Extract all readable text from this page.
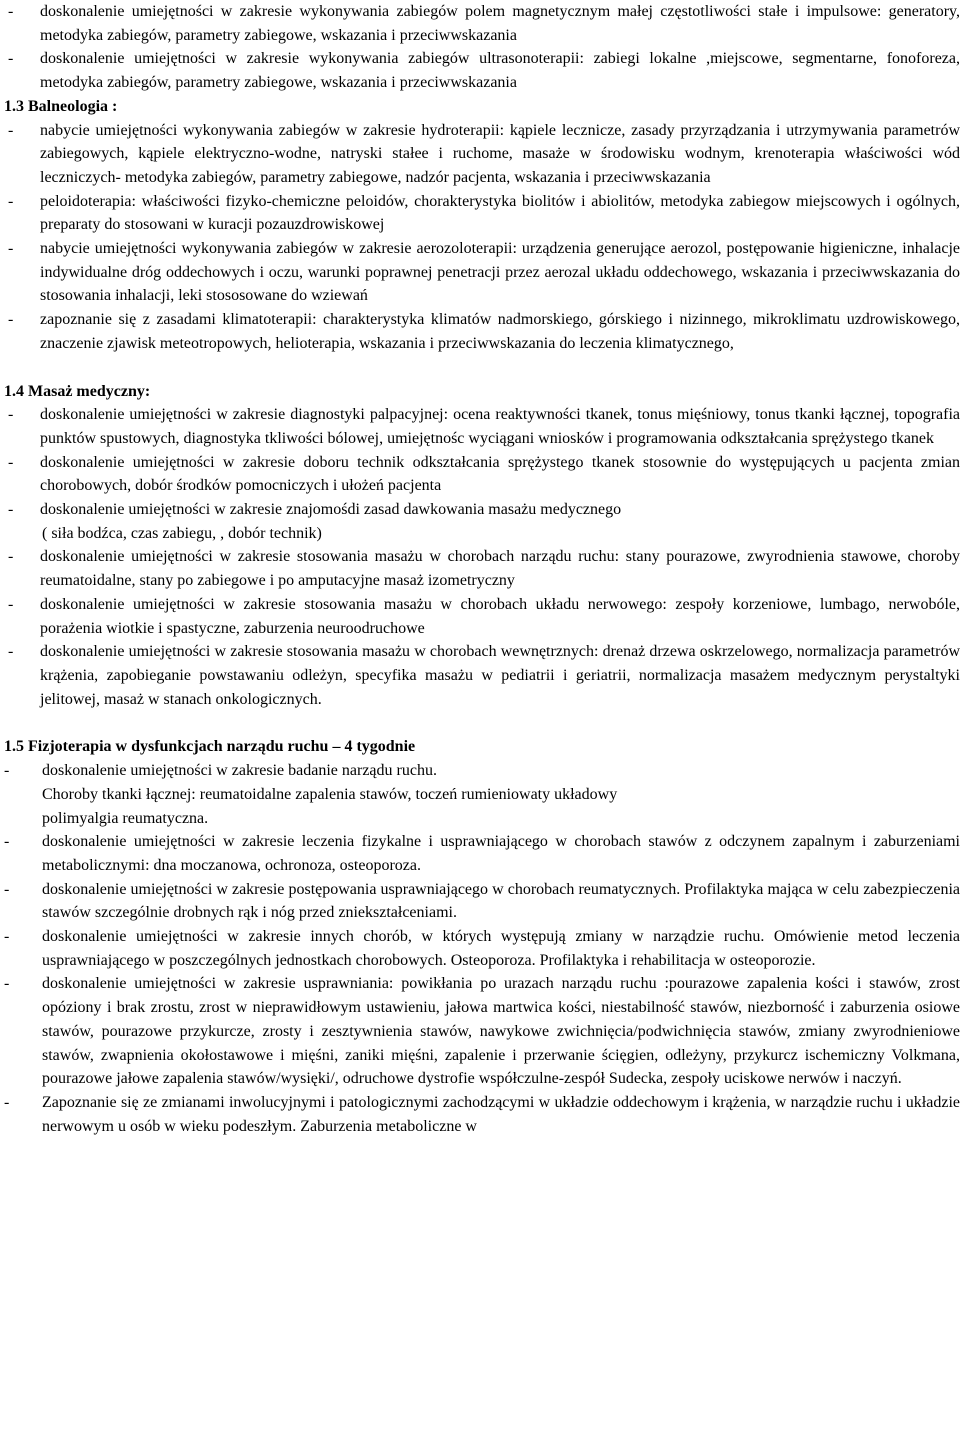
- doskonalenie umiejętności w zakresie wykonywania zabiegów polem magnetycznym małej częstotliwości stałe i impulsowe: generatory, metodyka zabiegów, parametry zabiegowe, wskazania i przeciwwskazania

- doskonalenie umiejętności w zakresie wykonywania zabiegów ultrasonoterapii: zabiegi lokalne ,miejscowe, segmentarne, fonoforeza, metodyka zabiegów, parametry zabiegowe, wskazania i przeciwwskazania

1.3 Balneologia :

- nabycie umiejętności wykonywania zabiegów w zakresie hydroterapii: kąpiele lecznicze, zasady przyrządzania i utrzymywania parametrów zabiegowych, kąpiele elektryczno-wodne, natryski stałee i ruchome, masaże w środowisku wodnym, krenoterapia właściwości wód leczniczych- metodyka zabiegów, parametry zabiegowe, nadzór pacjenta, wskazania i przeciwwskazania

- peloidoterapia: właściwości fizyko-chemiczne peloidów, chorakterystyka biolitów i abiolitów, metodyka zabiegow miejscowych i ogólnych, preparaty do stosowani w kuracji pozauzdrowiskowej

- nabycie umiejętności wykonywania zabiegów w zakresie aerozoloterapii: urządzenia generujące aerozol, postępowanie higieniczne, inhalacje indywidualne dróg oddechowych i oczu, warunki poprawnej penetracji przez aerozal układu oddechowego, wskazania i przeciwwskazania do stosowania inhalacji, leki stososowane do wziewań

- zapoznanie się z zasadami klimatoterapii: charakterystyka klimatów nadmorskiego, górskiego i nizinnego, mikroklimatu uzdrowiskowego, znaczenie zjawisk meteotropowych, helioterapia, wskazania i przeciwwskazania do leczenia klimatycznego,

1.4 Masaż medyczny:

- doskonalenie umiejętności w zakresie diagnostyki palpacyjnej: ocena reaktywności tkanek, tonus mięśniowy, tonus tkanki łącznej, topografia punktów spustowych, diagnostyka tkliwości bólowej, umiejętnośc wyciągani wniosków i programowania odkształcania sprężystego tkanek

- doskonalenie umiejętności w zakresie doboru technik odkształcania sprężystego tkanek stosownie do występujących u pacjenta zmian chorobowych, dobór środków pomocniczych i ułożeń pacjenta

- doskonalenie umiejętności w zakresie znajomośdi zasad dawkowania masażu medycznego

( siła bodźca, czas zabiegu, , dobór technik)

- doskonalenie umiejętności w zakresie stosowania masażu w chorobach narządu ruchu: stany pourazowe, zwyrodnienia stawowe, choroby reumatoidalne, stany po zabiegowe i po amputacyjne masaż izometryczny

- doskonalenie umiejętności w zakresie stosowania masażu w chorobach układu nerwowego: zespoły korzeniowe, lumbago, nerwobóle, porażenia wiotkie i spastyczne, zaburzenia neuroodruchowe

- doskonalenie umiejętności w zakresie stosowania masażu w chorobach wewnętrznych: drenaż drzewa oskrzelowego, normalizacja parametrów krążenia, zapobieganie powstawaniu odleżyn, specyfika masażu w pediatrii i geriatrii, normalizacja masażem medycznym perystaltyki jelitowej, masaż w stanach onkologicznych.

1.5 Fizjoterapia w dysfunkcjach narządu ruchu – 4 tygodnie

- doskonalenie umiejętności w zakresie badanie narządu ruchu.

Choroby tkanki łącznej: reumatoidalne zapalenia stawów, toczeń rumieniowaty układowy

polimyalgia reumatyczna.

- doskonalenie umiejętności w zakresie leczenia fizykalne i usprawniającego w chorobach stawów z odczynem zapalnym i zaburzeniami metabolicznymi: dna moczanowa, ochronoza, osteoporoza.

- doskonalenie umiejętności w zakresie postępowania usprawniającego w chorobach reumatycznych. Profilaktyka mająca w celu zabezpieczenia stawów szczególnie drobnych rąk i nóg przed zniekształceniami.

- doskonalenie umiejętności w zakresie innych chorób, w których występują zmiany w narządzie ruchu. Omówienie metod leczenia usprawniającego w poszczególnych jednostkach chorobowych. Osteoporoza. Profilaktyka i rehabilitacja w osteoporozie.

- doskonalenie umiejętności w zakresie usprawniania: powikłania po urazach narządu ruchu :pourazowe zapalenia kości i stawów, zrost opóziony i brak zrostu, zrost w nieprawidłowym ustawieniu, jałowa martwica kości, niestabilność stawów, niezborność i zaburzenia osiowe stawów, pourazowe przykurcze, zrosty i zesztywnienia stawów, nawykowe zwichnięcia/podwichnięcia stawów, zmiany zwyrodnieniowe stawów, zwapnienia okołostawowe i mięśni, zaniki mięśni, zapalenie i przerwanie ścięgien, odleżyny, przykurcz ischemiczny Volkmana, pourazowe jałowe zapalenia stawów/wysięki/, odruchowe dystrofie współczulne-zespół Sudecka, zespoły uciskowe nerwów i naczyń.

- Zapoznanie się ze zmianami inwolucyjnymi i patologicznymi zachodzącymi w układzie oddechowym i krążenia, w narządzie ruchu i układzie nerwowym u osób w wieku podeszłym. Zaburzenia metaboliczne w
